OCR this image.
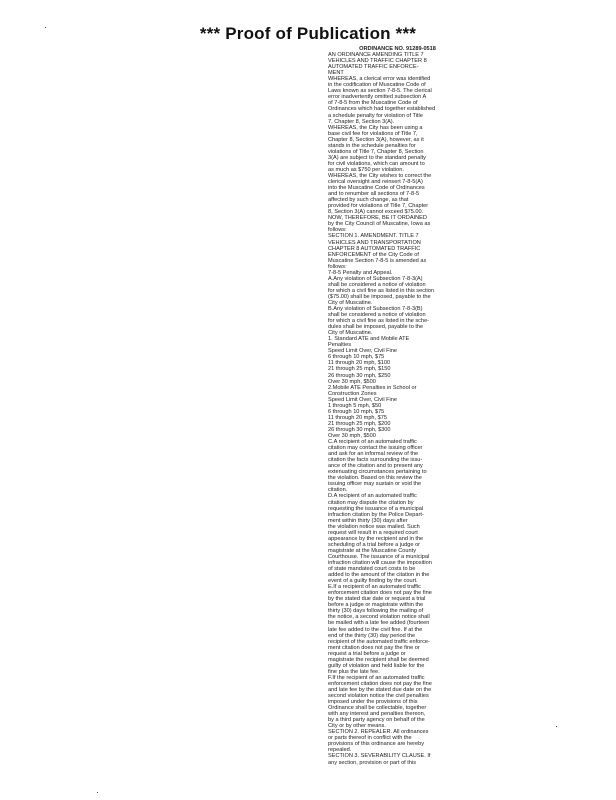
*** Proof of Publication ***
ORDINANCE NO. 91289-0518
AN ORDINANCE AMENDING TITLE 7
VEHICLES AND TRAFFIC CHAPTER 8
AUTOMATED TRAFFIC ENFORCE-
MENT
WHEREAS, a clerical error was identified
in the codification of Muscatine Code of
Laws known as section 7-8-5. The clerical
error inadvertently omitted subsection A
of 7-8-5 from the Muscatine Code of
Ordinances which had together established
a schedule penalty for violation of Title
7, Chapter 8, Section 3(A).
WHEREAS, the City has been using a
base civil fee for violations of Title 7,
Chapter 8, Section 3(A), however, as it
stands in the schedule penalties for
violations of Title 7, Chapter 8, Section
3(A) are subject to the standard penalty
for civil violations, which can amount to
as much as $750 per violation.
WHEREAS, the City wishes to correct the
clerical oversight and reinsert 7-8-5(A)
into the Muscatine Code of Ordinances
and to renumber all sections of 7-8-5
affected by such change, as that
provided for violations of Title 7, Chapter
8, Section 3(A) cannot exceed $75.00.
NOW, THEREFORE, BE IT ORDAINED
by the City Council of Muscatine, Iowa as
follows:
SECTION 1. AMENDMENT. TITLE 7
VEHICLES AND TRANSPORTATION
CHAPTER 8 AUTOMATED TRAFFIC
ENFORCEMENT of the City Code of
Muscatine Section 7-8-5 is amended as
follows:
7-8-5 Penalty and Appeal.
A.Any violation of Subsection 7-8-3(A)
shall be considered a notice of violation
for which a civil fine as listed in this section
($75.00) shall be imposed, payable to the
City of Muscatine.
B.Any violation of Subsection 7-8-3(B)
shall be considered a notice of violation
for which a civil fine as listed in the sche-
dules shall be imposed, payable to the
City of Muscatine.
1. Standard ATE and Mobile ATE
Penalties
Speed Limit Over, Civil Fine
6 through 10 mph, $75
11 through 20 mph, $100
21 through 25 mph, $150
26 through 30 mph, $250
Over 30 mph, $500
2.Mobile ATE Penalties in School or
Construction Zones
Speed Limit Over, Civil Fine
1 through 5 mph, $50
6 through 10 mph, $75
11 through 20 mph, $75
21 through 25 mph, $200
26 through 30 mph, $300
Over 30 mph, $500
C.A recipient of an automated traffic
citation may contact the issuing officer
and ask for an informal review of the
citation the facts surrounding the issu-
ance of the citation and to present any
extenuating circumstances pertaining to
the violation. Based on this review the
issuing officer may sustain or void the
citation.
D.A recipient of an automated traffic
citation may dispute the citation by
requesting the issuance of a municipal
infraction citation by the Police Depart-
ment within thirty (30) days after
the violation notice was mailed. Such
request will result in a required court
appearance by the recipient and in the
scheduling of a trial before a judge or
magistrate at the Muscatine County
Courthouse. The issuance of a municipal
infraction citation will cause the imposition
of state mandated court costs to be
added to the amount of the citation in the
event of a guilty finding by the court.
E.If a recipient of an automated traffic
enforcement citation does not pay the fine
by the stated due date or request a trial
before a judge or magistrate within the
thirty (30) days following the mailing of
the notice, a second violation notice shall
be mailed with a late fee added (fourteen
late fee added to the civil fine. If at the
end of the thirty (30) day period the
recipient of the automated traffic enforce-
ment citation does not pay the fine or
request a trial before a judge or
magistrate the recipient shall be deemed
guilty of violation and held liable for the
fine plus the late fee.
F.If the recipient of an automated traffic
enforcement citation does not pay the fine
and late fee by the stated due date on the
second violation notice the civil penalties
imposed under the provisions of this
Ordinance shall be collectable, together
with any interest and penalties thereon,
by a third party agency on behalf of the
City or by other means.
SECTION 2. REPEALER. All ordinances
or parts thereof in conflict with the
provisions of this ordinance are hereby
repealed.
SECTION 3. SEVERABILITY CLAUSE. If
any section, provision or part of this
